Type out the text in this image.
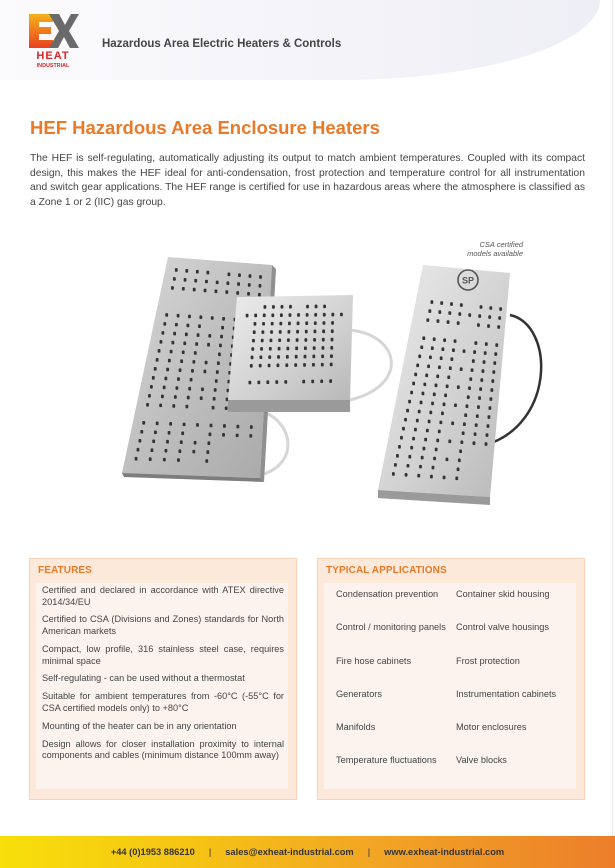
HEAT
INDUSTRIAL
Hazardous Area Electric Heaters & Controls
HEF Hazardous Area Enclosure Heaters

The HEF is self-regulating, automatically adjusting its output to match ambient temperatures. Coupled with its compact design, this makes the HEF ideal for anti-condensation, frost protection and temperature control for all instrumentation and switch gear applications. The HEF range is certified for use in hazardous areas where the atmosphere is classified as a Zone 1 or 2 (IIC) gas group.

SP
CSA certified
models available
FEATURES
Certified and declared in accordance with ATEX directive 2014/34/EU
Certified to CSA (Divisions and Zones) standards for North American markets
Compact, low profile, 316 stainless steel case, requires minimal space
Self-regulating - can be used without a thermostat
Suitable for ambient temperatures from -60°C (-55°C for CSA certified models only) to +80°C
Mounting of the heater can be in any orientation
Design allows for closer installation proximity to internal components and cables (minimum distance 100mm away)
TYPICAL APPLICATIONS
Condensation prevention	Container skid housing
Control / monitoring panels	Control valve housings
Fire hose cabinets	Frost protection
Generators	Instrumentation cabinets
Manifolds	Motor enclosures
Temperature fluctuations	Valve blocks
+44 (0)1953 886210 | sales@exheat-industrial.com | www.exheat-industrial.com
